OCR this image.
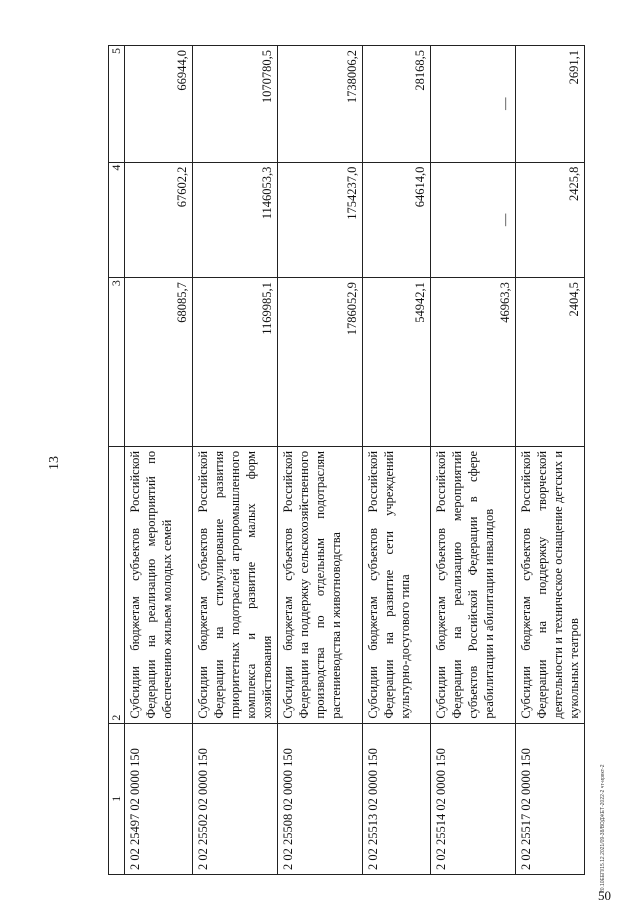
13
20.10ЕЕП/15.12.2021/09-38/ВОДЖЕТ-2022-2 чт-ирвкт-2
50
1	2	3	4	5
2 02 25497 02 0000 150	Субсидии бюджетам субъектов Российской Федерации на реализацию мероприятий по обеспечению жильем молодых семей	68085,7	67602,2	66944,0
2 02 25502 02 0000 150	Субсидии бюджетам субъектов Российской Федерации на стимулирование развития приоритетных подотраслей агропромышленного комплекса и развитие малых форм хозяйствования	1169985,1	1146053,3	1070780,5
2 02 25508 02 0000 150	Субсидии бюджетам субъектов Российской Федерации на поддержку сельскохозяйственного производства по отдельным подотраслям растениеводства и животноводства	1786052,9	1754237,0	1738006,2
2 02 25513 02 0000 150	Субсидии бюджетам субъектов Российской Федерации на развитие сети учреждений культурно-досугового типа	54942,1	64614,0	28168,5
2 02 25514 02 0000 150	Субсидии бюджетам субъектов Российской Федерации на реализацию мероприятий субъектов Российской Федерации в сфере реабилитации и абилитации инвалидов	46963,3	—	—
2 02 25517 02 0000 150	Субсидии бюджетам субъектов Российской Федерации на поддержку творческой деятельности и техническое оснащение детских и кукольных театров	2404,5	2425,8	2691,1
